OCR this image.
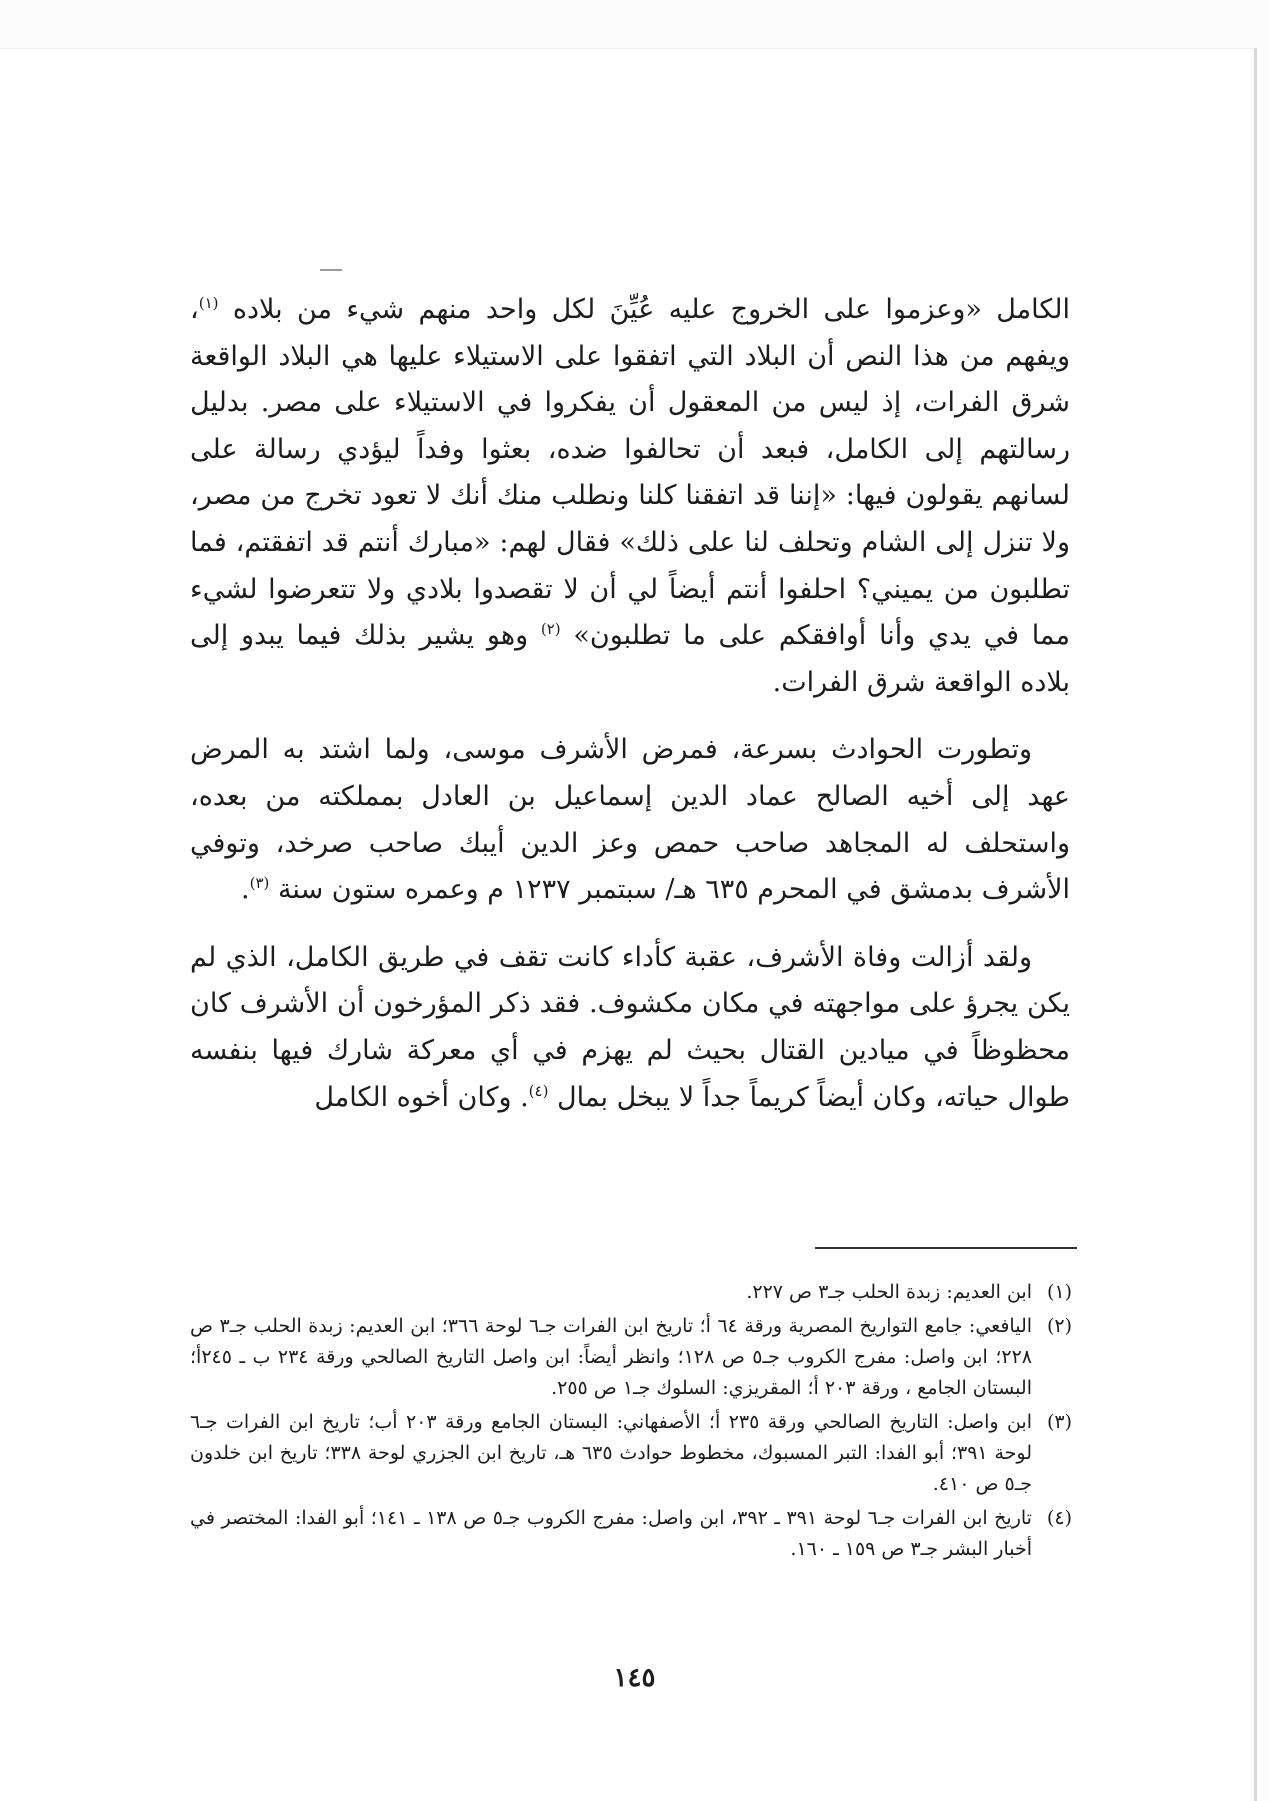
الكامل «وعزموا على الخروج عليه عُيِّنَ لكل واحد منهم شيء من بلاده $^{(١)}$، ويفهم من هذا النص أن البلاد التي اتفقوا على الاستيلاء عليها هي البلاد الواقعة شرق الفرات، إذ ليس من المعقول أن يفكروا في الاستيلاء على مصر. بدليل رسالتهم إلى الكامل، فبعد أن تحالفوا ضده، بعثوا وفداً ليؤدي رسالة على لسانهم يقولون فيها: «إننا قد اتفقنا كلنا ونطلب منك أنك لا تعود تخرج من مصر، ولا تنزل إلى الشام وتحلف لنا على ذلك» فقال لهم: «مبارك أنتم قد اتفقتم، فما تطلبون من يميني؟ احلفوا أنتم أيضاً لي أن لا تقصدوا بلادي ولا تتعرضوا لشيء مما في يدي وأنا أوافقكم على ما تطلبون» $^{(٢)}$ وهو يشير بذلك فيما يبدو إلى بلاده الواقعة شرق الفرات.

وتطورت الحوادث بسرعة، فمرض الأشرف موسى، ولما اشتد به المرض عهد إلى أخيه الصالح عماد الدين إسماعيل بن العادل بمملكته من بعده، واستحلف له المجاهد صاحب حمص وعز الدين أيبك صاحب صرخد، وتوفي الأشرف بدمشق في المحرم ٦٣٥ هـ/ سبتمبر ١٢٣٧ م وعمره ستون سنة $^{(٣)}$.

ولقد أزالت وفاة الأشرف، عقبة كأداء كانت تقف في طريق الكامل، الذي لم يكن يجرؤ على مواجهته في مكان مكشوف. فقد ذكر المؤرخون أن الأشرف كان محظوظاً في ميادين القتال بحيث لم يهزم في أي معركة شارك فيها بنفسه طوال حياته، وكان أيضاً كريماً جداً لا يبخل بمال $^{(٤)}$. وكان أخوه الكامل

(١)ابن العديم: زبدة الحلب جـ٣ ص ٢٢٧.

(٢)اليافعي: جامع التواريخ المصرية ورقة ٦٤ أ؛ تاريخ ابن الفرات جـ٦ لوحة ٣٦٦؛ ابن العديم: زبدة الحلب جـ٣ ص ٢٢٨؛ ابن واصل: مفرج الكروب جـ٥ ص ١٢٨؛ وانظر أيضاً: ابن واصل التاريخ الصالحي ورقة ٢٣٤ ب ـ ٢٤٥أ؛ البستان الجامع ، ورقة ٢٠٣ أ؛ المقريزي: السلوك جـ١ ص ٢٥٥.

(٣)ابن واصل: التاريخ الصالحي ورقة ٢٣٥ أ؛ الأصفهاني: البستان الجامع ورقة ٢٠٣ أب؛ تاريخ ابن الفرات جـ٦ لوحة ٣٩١؛ أبو الفدا: التبر المسبوك، مخطوط حوادث ٦٣٥ هـ، تاريخ ابن الجزري لوحة ٣٣٨؛ تاريخ ابن خلدون جـ٥ ص ٤١٠.

(٤)تاريخ ابن الفرات جـ٦ لوحة ٣٩١ ـ ٣٩٢، ابن واصل: مفرج الكروب جـ٥ ص ١٣٨ ـ ١٤١؛ أبو الفدا: المختصر في أخبار البشر جـ٣ ص ١٥٩ ـ ١٦٠.

١٤٥
